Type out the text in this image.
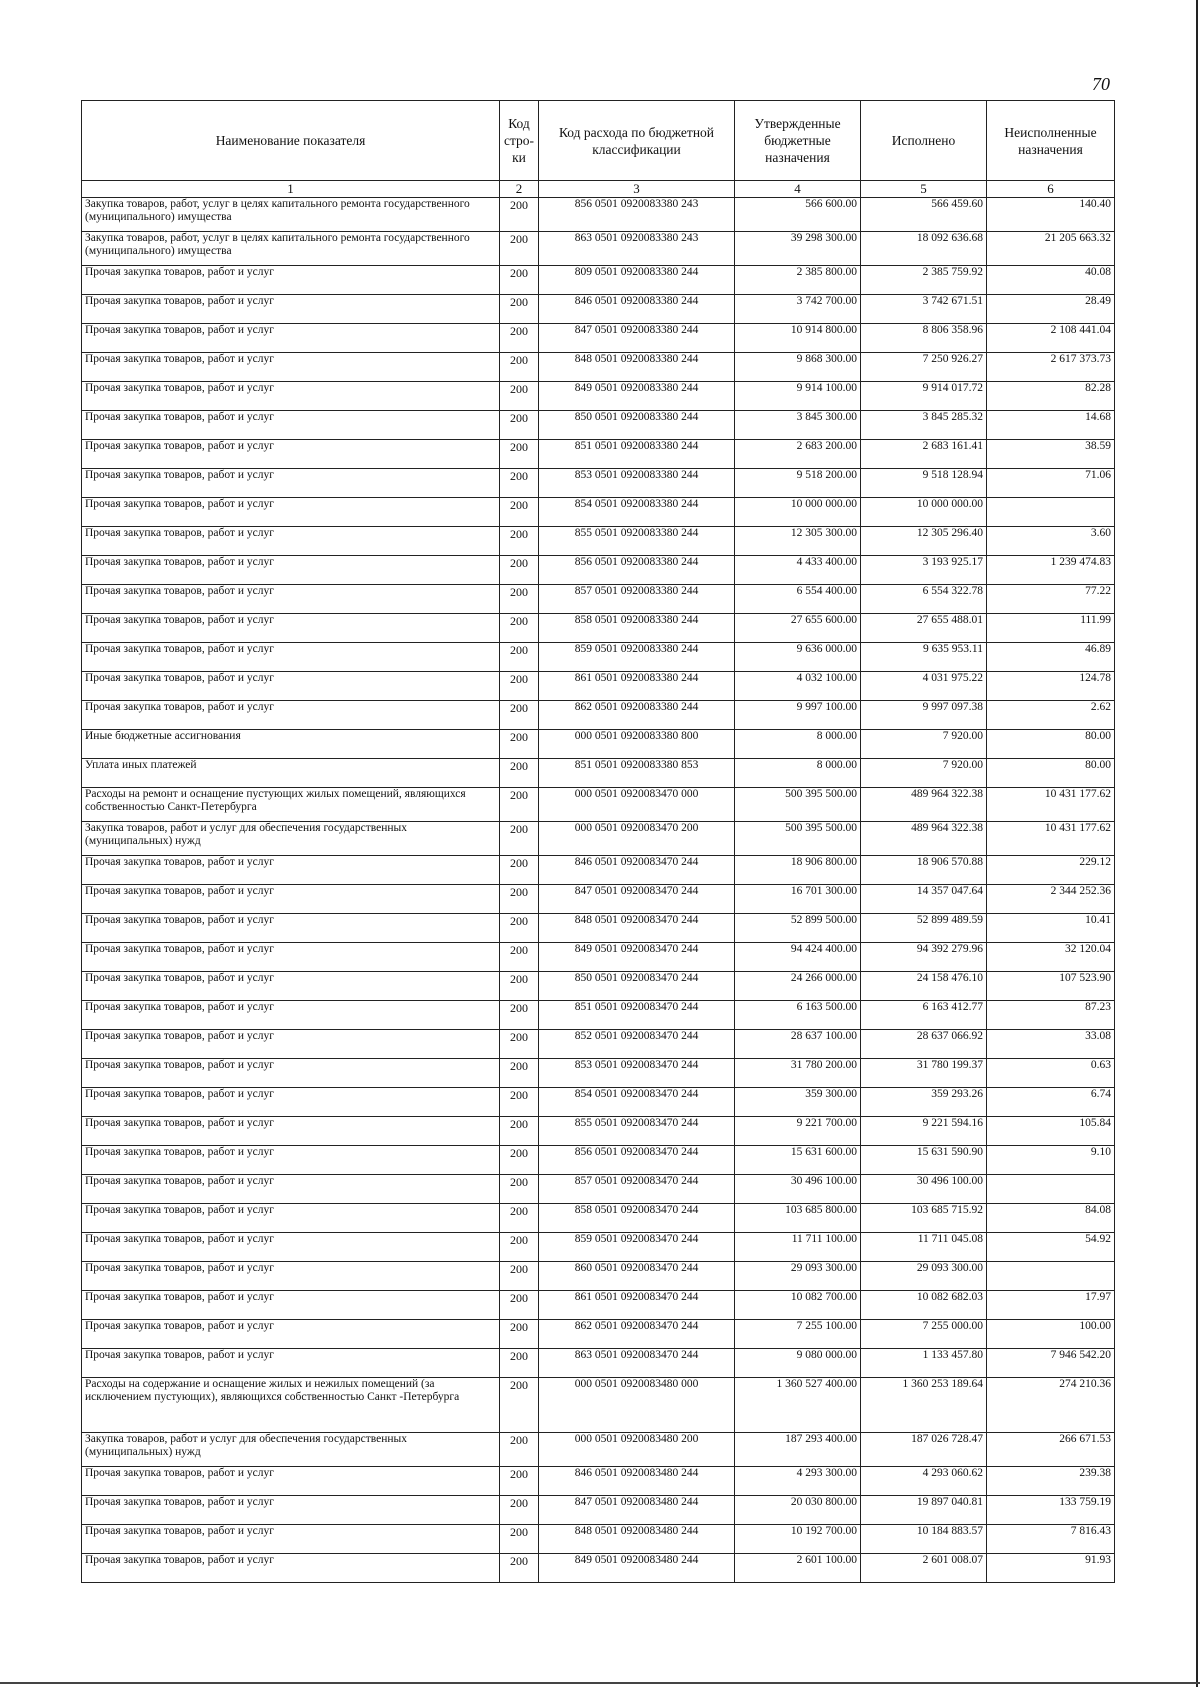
70
Наименование показателя	Код стро-ки	Код расхода по бюджетной классификации	Утвержденные бюджетные назначения	Исполнено	Неисполненные назначения
1	2	3	4	5	6
Закупка товаров, работ, услуг в целях капитального ремонта государственного (муниципального) имущества	200	856 0501 0920083380 243	566 600.00	566 459.60	140.40
Закупка товаров, работ, услуг в целях капитального ремонта государственного (муниципального) имущества	200	863 0501 0920083380 243	39 298 300.00	18 092 636.68	21 205 663.32
Прочая закупка товаров, работ и услуг	200	809 0501 0920083380 244	2 385 800.00	2 385 759.92	40.08
Прочая закупка товаров, работ и услуг	200	846 0501 0920083380 244	3 742 700.00	3 742 671.51	28.49
Прочая закупка товаров, работ и услуг	200	847 0501 0920083380 244	10 914 800.00	8 806 358.96	2 108 441.04
Прочая закупка товаров, работ и услуг	200	848 0501 0920083380 244	9 868 300.00	7 250 926.27	2 617 373.73
Прочая закупка товаров, работ и услуг	200	849 0501 0920083380 244	9 914 100.00	9 914 017.72	82.28
Прочая закупка товаров, работ и услуг	200	850 0501 0920083380 244	3 845 300.00	3 845 285.32	14.68
Прочая закупка товаров, работ и услуг	200	851 0501 0920083380 244	2 683 200.00	2 683 161.41	38.59
Прочая закупка товаров, работ и услуг	200	853 0501 0920083380 244	9 518 200.00	9 518 128.94	71.06
Прочая закупка товаров, работ и услуг	200	854 0501 0920083380 244	10 000 000.00	10 000 000.00	
Прочая закупка товаров, работ и услуг	200	855 0501 0920083380 244	12 305 300.00	12 305 296.40	3.60
Прочая закупка товаров, работ и услуг	200	856 0501 0920083380 244	4 433 400.00	3 193 925.17	1 239 474.83
Прочая закупка товаров, работ и услуг	200	857 0501 0920083380 244	6 554 400.00	6 554 322.78	77.22
Прочая закупка товаров, работ и услуг	200	858 0501 0920083380 244	27 655 600.00	27 655 488.01	111.99
Прочая закупка товаров, работ и услуг	200	859 0501 0920083380 244	9 636 000.00	9 635 953.11	46.89
Прочая закупка товаров, работ и услуг	200	861 0501 0920083380 244	4 032 100.00	4 031 975.22	124.78
Прочая закупка товаров, работ и услуг	200	862 0501 0920083380 244	9 997 100.00	9 997 097.38	2.62
Иные бюджетные ассигнования	200	000 0501 0920083380 800	8 000.00	7 920.00	80.00
Уплата иных платежей	200	851 0501 0920083380 853	8 000.00	7 920.00	80.00
Расходы на ремонт и оснащение пустующих жилых помещений, являющихся собственностью Санкт-Петербурга	200	000 0501 0920083470 000	500 395 500.00	489 964 322.38	10 431 177.62
Закупка товаров, работ и услуг для обеспечения государственных (муниципальных) нужд	200	000 0501 0920083470 200	500 395 500.00	489 964 322.38	10 431 177.62
Прочая закупка товаров, работ и услуг	200	846 0501 0920083470 244	18 906 800.00	18 906 570.88	229.12
Прочая закупка товаров, работ и услуг	200	847 0501 0920083470 244	16 701 300.00	14 357 047.64	2 344 252.36
Прочая закупка товаров, работ и услуг	200	848 0501 0920083470 244	52 899 500.00	52 899 489.59	10.41
Прочая закупка товаров, работ и услуг	200	849 0501 0920083470 244	94 424 400.00	94 392 279.96	32 120.04
Прочая закупка товаров, работ и услуг	200	850 0501 0920083470 244	24 266 000.00	24 158 476.10	107 523.90
Прочая закупка товаров, работ и услуг	200	851 0501 0920083470 244	6 163 500.00	6 163 412.77	87.23
Прочая закупка товаров, работ и услуг	200	852 0501 0920083470 244	28 637 100.00	28 637 066.92	33.08
Прочая закупка товаров, работ и услуг	200	853 0501 0920083470 244	31 780 200.00	31 780 199.37	0.63
Прочая закупка товаров, работ и услуг	200	854 0501 0920083470 244	359 300.00	359 293.26	6.74
Прочая закупка товаров, работ и услуг	200	855 0501 0920083470 244	9 221 700.00	9 221 594.16	105.84
Прочая закупка товаров, работ и услуг	200	856 0501 0920083470 244	15 631 600.00	15 631 590.90	9.10
Прочая закупка товаров, работ и услуг	200	857 0501 0920083470 244	30 496 100.00	30 496 100.00	
Прочая закупка товаров, работ и услуг	200	858 0501 0920083470 244	103 685 800.00	103 685 715.92	84.08
Прочая закупка товаров, работ и услуг	200	859 0501 0920083470 244	11 711 100.00	11 711 045.08	54.92
Прочая закупка товаров, работ и услуг	200	860 0501 0920083470 244	29 093 300.00	29 093 300.00	
Прочая закупка товаров, работ и услуг	200	861 0501 0920083470 244	10 082 700.00	10 082 682.03	17.97
Прочая закупка товаров, работ и услуг	200	862 0501 0920083470 244	7 255 100.00	7 255 000.00	100.00
Прочая закупка товаров, работ и услуг	200	863 0501 0920083470 244	9 080 000.00	1 133 457.80	7 946 542.20
Расходы на содержание и оснащение жилых и нежилых помещений (за исключением пустующих), являющихся собственностью Санкт -Петербурга	200	000 0501 0920083480 000	1 360 527 400.00	1 360 253 189.64	274 210.36
Закупка товаров, работ и услуг для обеспечения государственных (муниципальных) нужд	200	000 0501 0920083480 200	187 293 400.00	187 026 728.47	266 671.53
Прочая закупка товаров, работ и услуг	200	846 0501 0920083480 244	4 293 300.00	4 293 060.62	239.38
Прочая закупка товаров, работ и услуг	200	847 0501 0920083480 244	20 030 800.00	19 897 040.81	133 759.19
Прочая закупка товаров, работ и услуг	200	848 0501 0920083480 244	10 192 700.00	10 184 883.57	7 816.43
Прочая закупка товаров, работ и услуг	200	849 0501 0920083480 244	2 601 100.00	2 601 008.07	91.93
